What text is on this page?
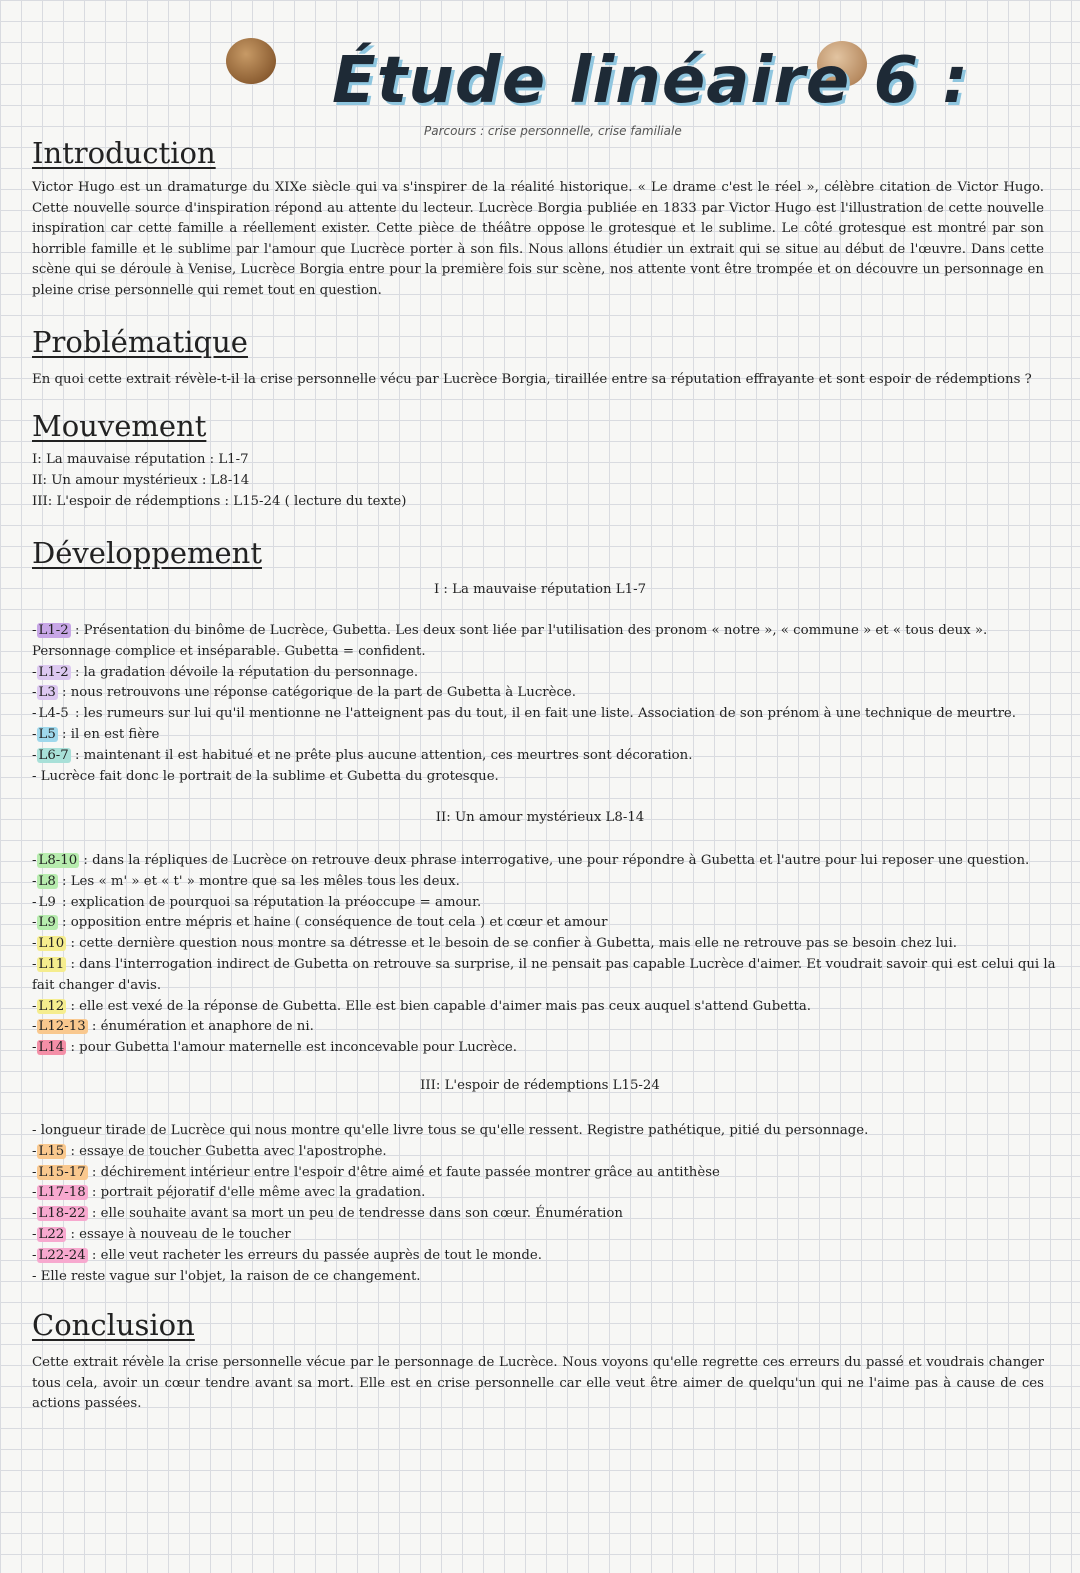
Étude linéaire 6 :

Parcours : crise personnelle, crise familiale

Introduction

Victor Hugo est un dramaturge du XIXe siècle qui va s'inspirer de la réalité historique. « Le drame c'est le réel », célèbre citation de Victor Hugo. Cette nouvelle source d'inspiration répond au attente du lecteur. Lucrèce Borgia publiée en 1833 par Victor Hugo est l'illustration de cette nouvelle inspiration car cette famille a réellement exister. Cette pièce de théâtre oppose le grotesque et le sublime. Le côté grotesque est montré par son horrible famille et le sublime par l'amour que Lucrèce porter à son fils. Nous allons étudier un extrait qui se situe au début de l'œuvre. Dans cette scène qui se déroule à Venise, Lucrèce Borgia entre pour la première fois sur scène, nos attente vont être trompée et on découvre un personnage en pleine crise personnelle qui remet tout en question.

Problématique

En quoi cette extrait révèle-t-il la crise personnelle vécu par Lucrèce Borgia, tiraillée entre sa réputation effrayante et sont espoir de rédemptions ?

Mouvement
I: La mauvaise réputation : L1-7
II: Un amour mystérieux : L8-14
III: L'espoir de rédemptions : L15-24 ( lecture du texte)
Développement

I : La mauvaise réputation L1-7

- L1-2 : Présentation du binôme de Lucrèce, Gubetta. Les deux sont liée par l'utilisation des pronom « notre », « commune » et « tous deux ».
Personnage complice et inséparable. Gubetta = confident.
- L1-2 : la gradation dévoile la réputation du personnage.
- L3 : nous retrouvons une réponse catégorique de la part de Gubetta à Lucrèce.
- L4-5 : les rumeurs sur lui qu'il mentionne ne l'atteignent pas du tout, il en fait une liste. Association de son prénom à une technique de meurtre.
- L5 : il en est fière
- L6-7 : maintenant il est habitué et ne prête plus aucune attention, ces meurtres sont décoration.
- Lucrèce fait donc le portrait de la sublime et Gubetta du grotesque.

II: Un amour mystérieux L8-14

- L8-10 : dans la répliques de Lucrèce on retrouve deux phrase interrogative, une pour répondre à Gubetta et l'autre pour lui reposer une question.
- L8 : Les « m' » et « t' » montre que sa les mêles tous les deux.
- L9 : explication de pourquoi sa réputation la préoccupe = amour.
- L9 : opposition entre mépris et haine ( conséquence de tout cela ) et cœur et amour
- L10 : cette dernière question nous montre sa détresse et le besoin de se confier à Gubetta, mais elle ne retrouve pas se besoin chez lui.
- L11 : dans l'interrogation indirect de Gubetta on retrouve sa surprise, il ne pensait pas capable Lucrèce d'aimer. Et voudrait savoir qui est celui qui la
fait changer d'avis.
- L12 : elle est vexé de la réponse de Gubetta. Elle est bien capable d'aimer mais pas ceux auquel s'attend Gubetta.
- L12-13 : énumération et anaphore de ni.
- L14 : pour Gubetta l'amour maternelle est inconcevable pour Lucrèce.

III: L'espoir de rédemptions L15-24

- longueur tirade de Lucrèce qui nous montre qu'elle livre tous se qu'elle ressent. Registre pathétique, pitié du personnage.
- L15 : essaye de toucher Gubetta avec l'apostrophe.
- L15-17 : déchirement intérieur entre l'espoir d'être aimé et faute passée montrer grâce au antithèse
- L17-18 : portrait péjoratif d'elle même avec la gradation.
- L18-22 : elle souhaite avant sa mort un peu de tendresse dans son cœur. Énumération
- L22 : essaye à nouveau de le toucher
- L22-24 : elle veut racheter les erreurs du passée auprès de tout le monde.
- Elle reste vague sur l'objet, la raison de ce changement.
Conclusion

Cette extrait révèle la crise personnelle vécue par le personnage de Lucrèce. Nous voyons qu'elle regrette ces erreurs du passé et voudrais changer tous cela, avoir un cœur tendre avant sa mort. Elle est en crise personnelle car elle veut être aimer de quelqu'un qui ne l'aime pas à cause de ces actions passées.
